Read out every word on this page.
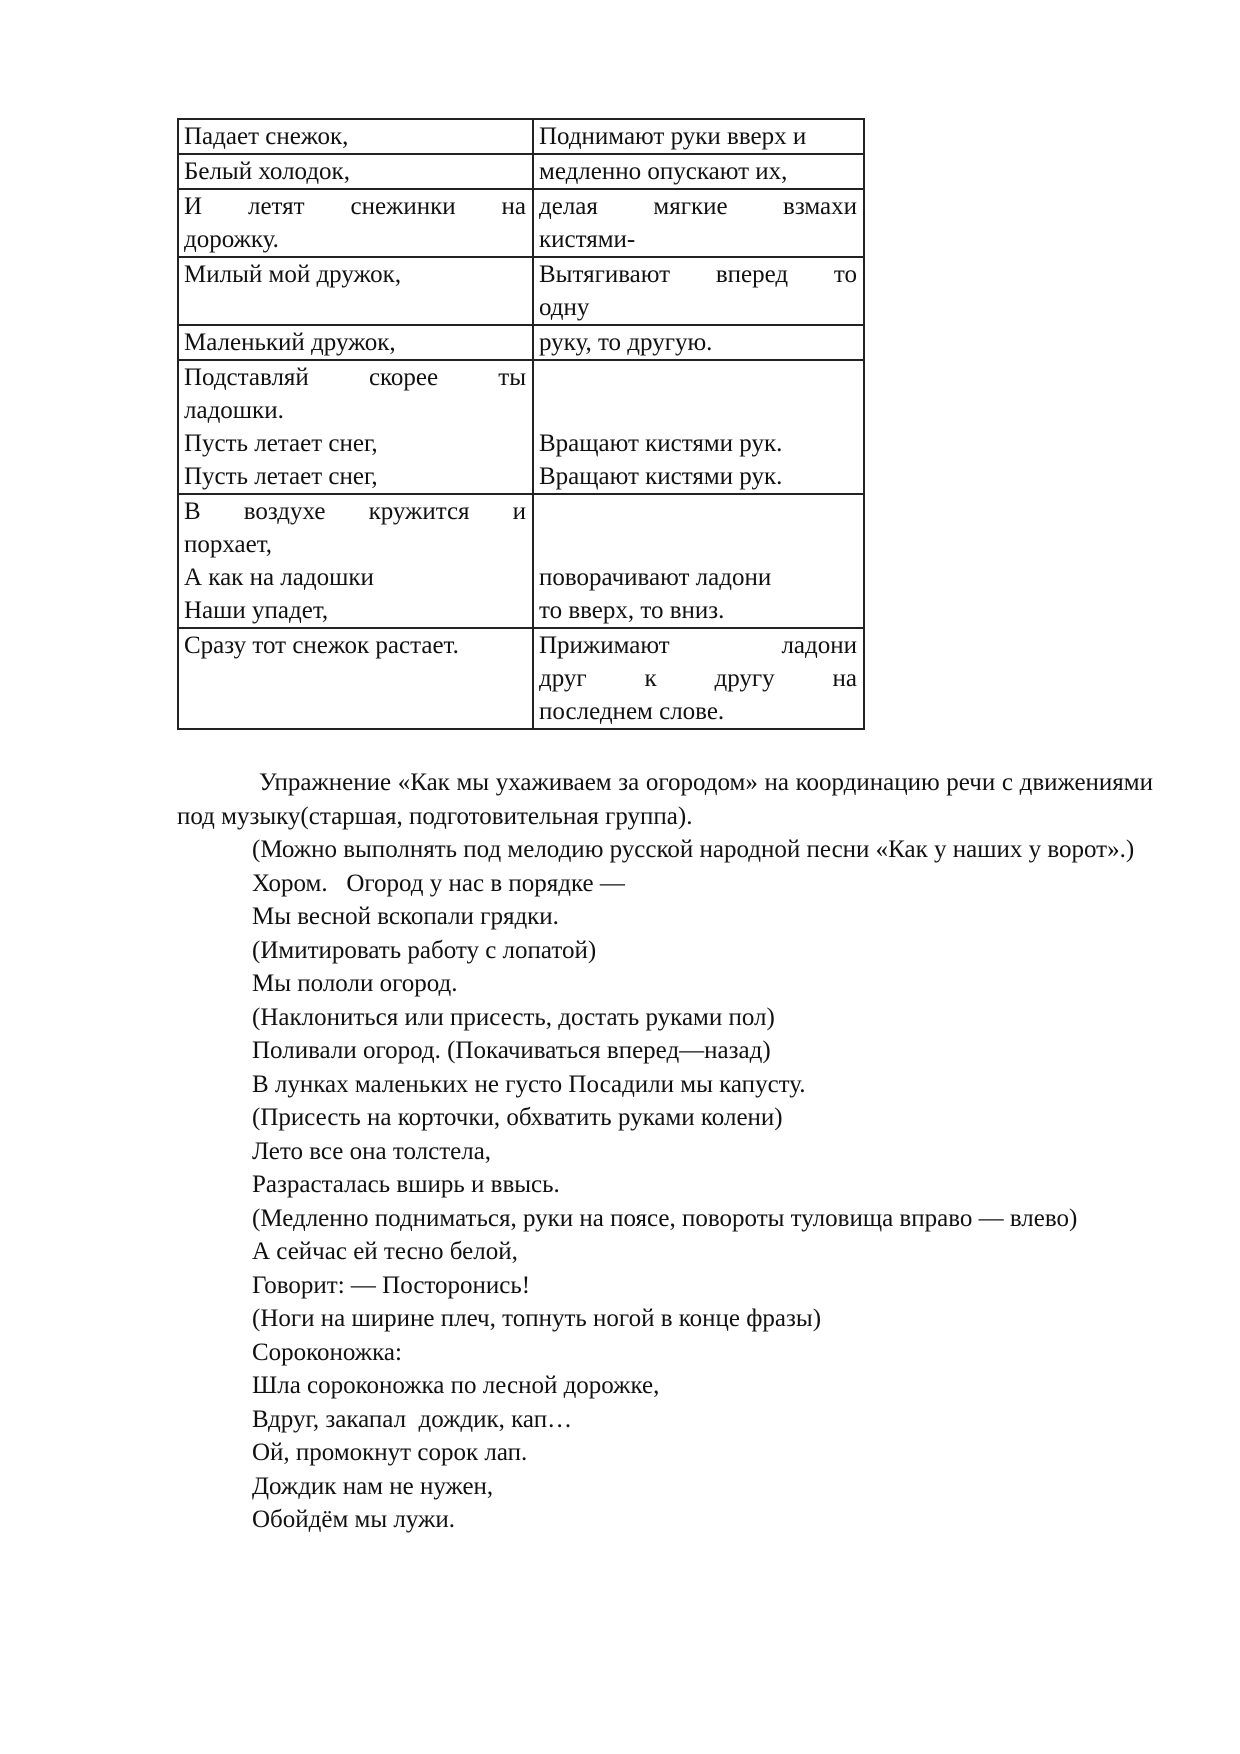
Падает снежок,	Поднимают руки вверх и

Белый холодок,	медленно опускают их,

И летят снежинки на
дорожку.	делая мягкие взмахи
кистями-

Милый мой дружок,	Вытягивают вперед то
одну

Маленький дружок,	руку, то другую.

Подставляй скорее ты
ладошки.
Пусть летает снег,
Пусть летает снег,	Вращают кистями рук.
Вращают кистями рук.

В воздухе кружится и
порхает,
А как на ладошки
Наши упадет,	поворачивают ладони
то вверх, то вниз.

Сразу тот снежок растает.	Прижимают ладони
друг к другу на
последнем слове.

Упражнение «Как мы ухаживаем за огородом» на координацию речи с движениями под музыку(старшая, подготовительная группа).

(Можно выполнять под мелодию русской народной песни «Как у наших у ворот».)

Хором.   Огород у нас в порядке —

Мы весной вскопали грядки.

(Имитировать работу с лопатой)

Мы пололи огород.

(Наклониться или присесть, достать руками пол)

Поливали огород. (Покачиваться вперед—назад)

В лунках маленьких не густо Посадили мы капусту.

(Присесть на корточки, обхватить руками колени)

Лето все она толстела,

Разрасталась вширь и ввысь.

(Медленно подниматься, руки на поясе, повороты туловища вправо — влево)

А сейчас ей тесно белой,

Говорит: — Посторонись!

(Ноги на ширине плеч, топнуть ногой в конце фразы)

Сороконожка:

Шла сороконожка по лесной дорожке,

Вдруг, закапал  дождик, кап…

Ой, промокнут сорок лап.

Дождик нам не нужен,

Обойдём мы лужи.
